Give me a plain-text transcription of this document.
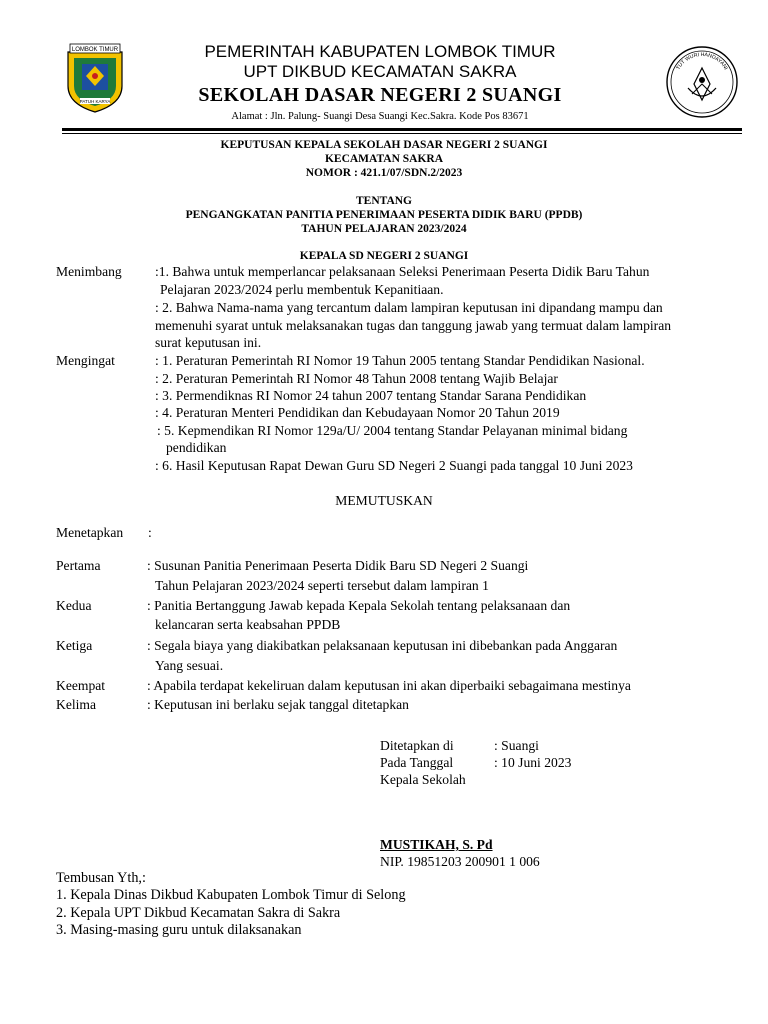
LOMBOK TIMUR
PATUH KARYA
TUT WURI HANDAYANI
PEMERINTAH KABUPATEN LOMBOK TIMUR
UPT DIKBUD KECAMATAN SAKRA
SEKOLAH DASAR NEGERI 2 SUANGI
Alamat : Jln. Palung- Suangi Desa Suangi Kec.Sakra. Kode Pos 83671
KEPUTUSAN KEPALA SEKOLAH DASAR NEGERI 2 SUANGI
KECAMATAN SAKRA
NOMOR : 421.1/07/SDN.2/2023
TENTANG
PENGANGKATAN PANITIA PENERIMAAN PESERTA DIDIK BARU (PPDB)
TAHUN PELAJARAN 2023/2024
KEPALA SD NEGERI 2 SUANGI
Menimbang :1. Bahwa untuk memperlancar pelaksanaan Seleksi Penerimaan Peserta Didik Baru Tahun
Pelajaran 2023/2024 perlu membentuk Kepanitiaan.
: 2. Bahwa Nama-nama yang tercantum dalam lampiran keputusan ini dipandang mampu dan
memenuhi syarat untuk melaksanakan tugas dan tanggung jawab yang termuat dalam lampiran
surat keputusan ini.
Mengingat	: 1. Peraturan Pemerintah RI Nomor 19 Tahun 2005 tentang Standar Pendidikan Nasional.
: 2. Peraturan Pemerintah RI Nomor 48 Tahun 2008 tentang Wajib Belajar
: 3. Permendiknas RI Nomor 24 tahun 2007 tentang Standar Sarana Pendidikan
: 4. Peraturan Menteri Pendidikan dan Kebudayaan Nomor 20 Tahun 2019
: 5. Kepmendikan RI Nomor 129a/U/ 2004 tentang Standar Pelayanan minimal bidang
pendidikan
: 6. Hasil Keputusan Rapat Dewan Guru SD Negeri 2 Suangi pada tanggal 10 Juni 2023
MEMUTUSKAN
Menetapkan :
Pertama	: Susunan Panitia Penerimaan Peserta Didik Baru SD Negeri 2 Suangi
Tahun Pelajaran 2023/2024 seperti tersebut dalam lampiran 1
Kedua	: Panitia Bertanggung Jawab kepada Kepala Sekolah tentang pelaksanaan dan
kelancaran serta keabsahan PPDB
Ketiga	: Segala biaya yang diakibatkan pelaksanaan keputusan ini dibebankan pada Anggaran
Yang sesuai.
Keempat	: Apabila terdapat kekeliruan dalam keputusan ini akan diperbaiki sebagaimana mestinya
Kelima	: Keputusan ini berlaku sejak tanggal ditetapkan
Ditetapkan di	: Suangi
Pada Tanggal	: 10 Juni 2023
Kepala Sekolah
MUSTIKAH, S. Pd
NIP. 19851203 200901 1 006
Tembusan Yth,:
1. Kepala Dinas Dikbud Kabupaten Lombok Timur di Selong
2. Kepala UPT Dikbud Kecamatan Sakra di Sakra
3. Masing-masing guru untuk dilaksanakan
